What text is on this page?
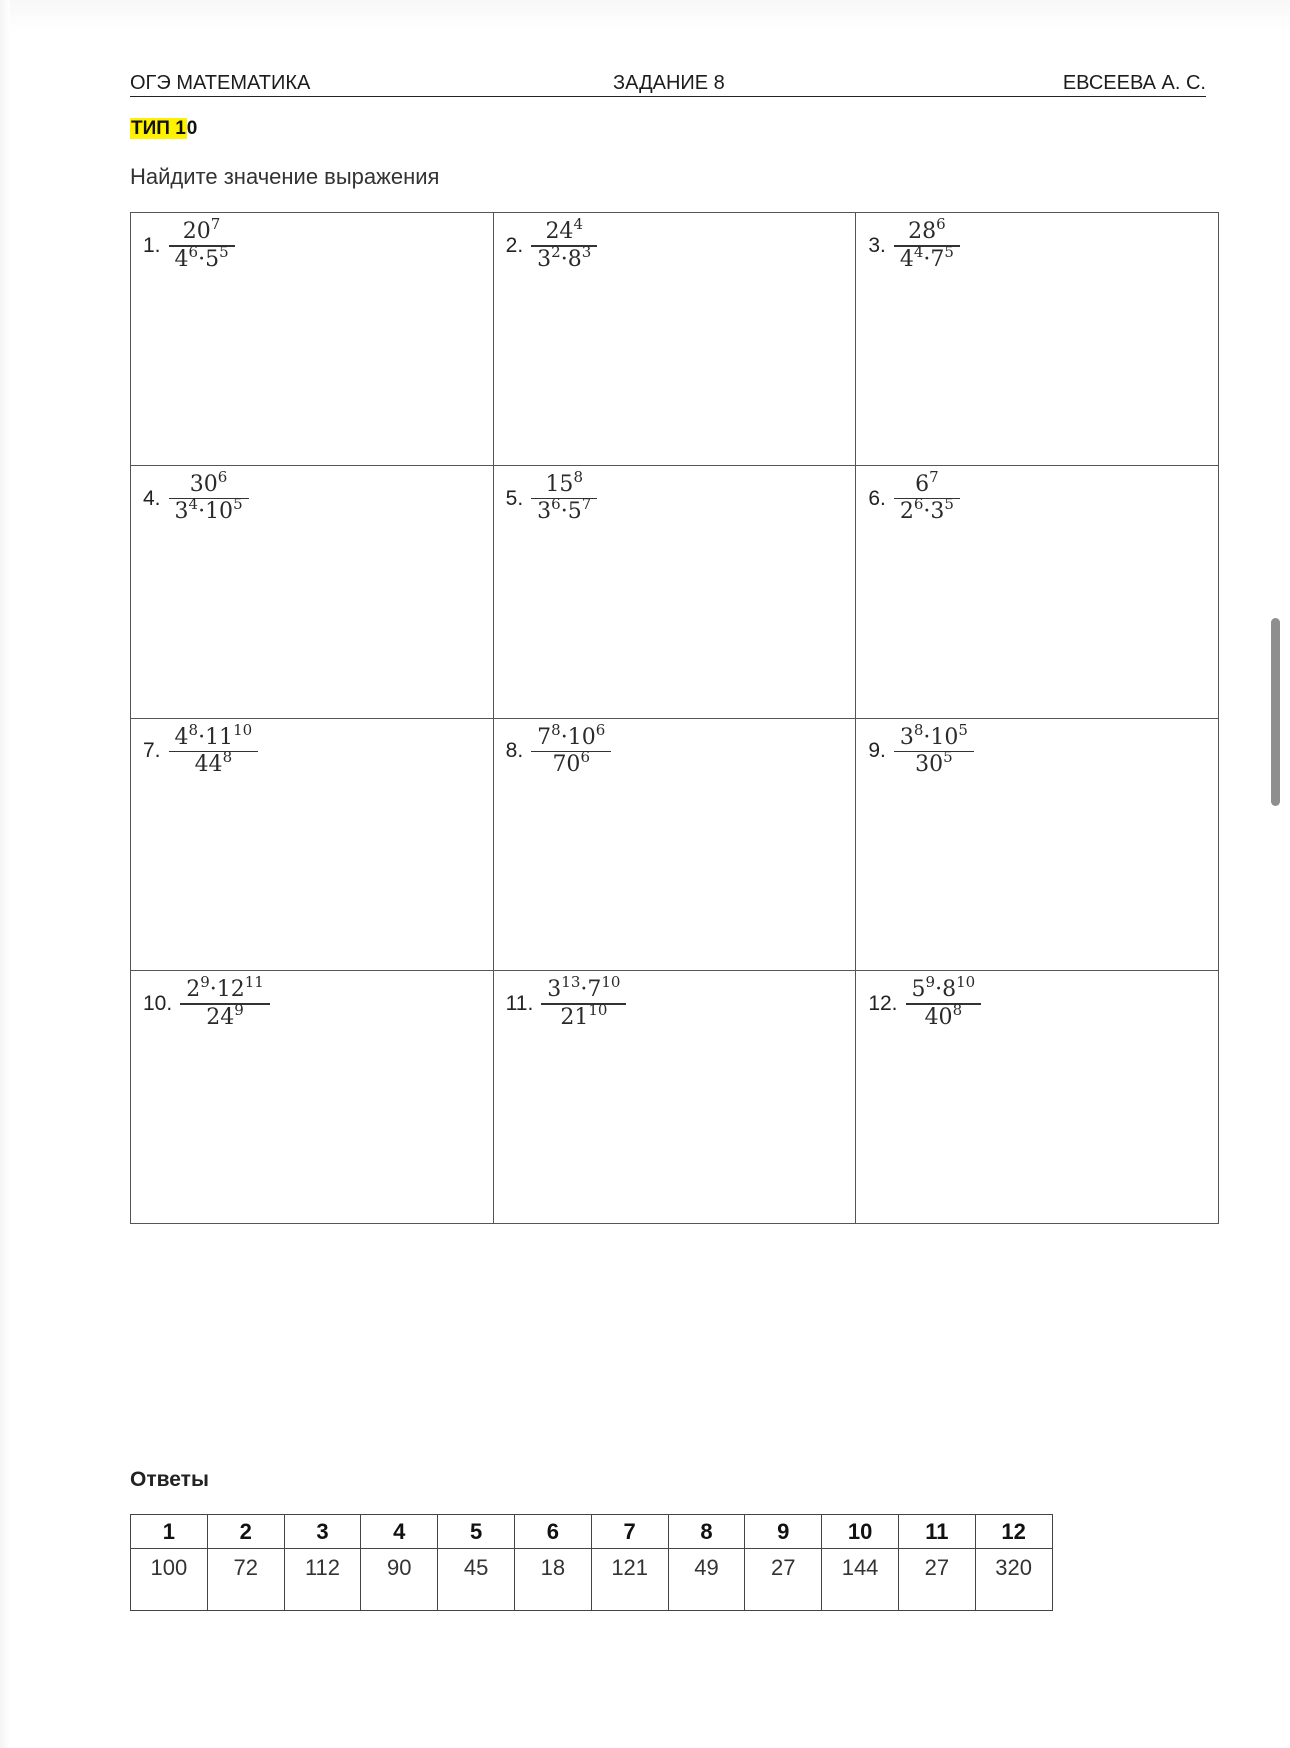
ОГЭ МАТЕМАТИКА	ЗАДАНИЕ 8	ЕВСЕЕВА А. С.
ТИП 10
Найдите значение выражения
1. $\frac{20^7}{4^6\cdot 5^5}$	2. $\frac{24^4}{3^2\cdot 8^3}$	3. $\frac{28^6}{4^4\cdot 7^5}$

4. $\frac{30^6}{3^4\cdot 10^5}$	5. $\frac{15^8}{3^6\cdot 5^7}$	6. $\frac{6^7}{2^6\cdot 3^5}$

7. $\frac{4^8\cdot 11^{10}}{44^8}$	8. $\frac{7^8\cdot 10^6}{70^6}$	9. $\frac{3^8\cdot 10^5}{30^5}$

10. $\frac{2^9\cdot 12^{11}}{24^9}$	11. $\frac{3^{13}\cdot 7^{10}}{21^{10}}$	12. $\frac{5^9\cdot 8^{10}}{40^8}$
Ответы
1	2	3	4	5	6	7	8	9	10	11	12
100	72	112	90	45	18	121	49	27	144	27	320
